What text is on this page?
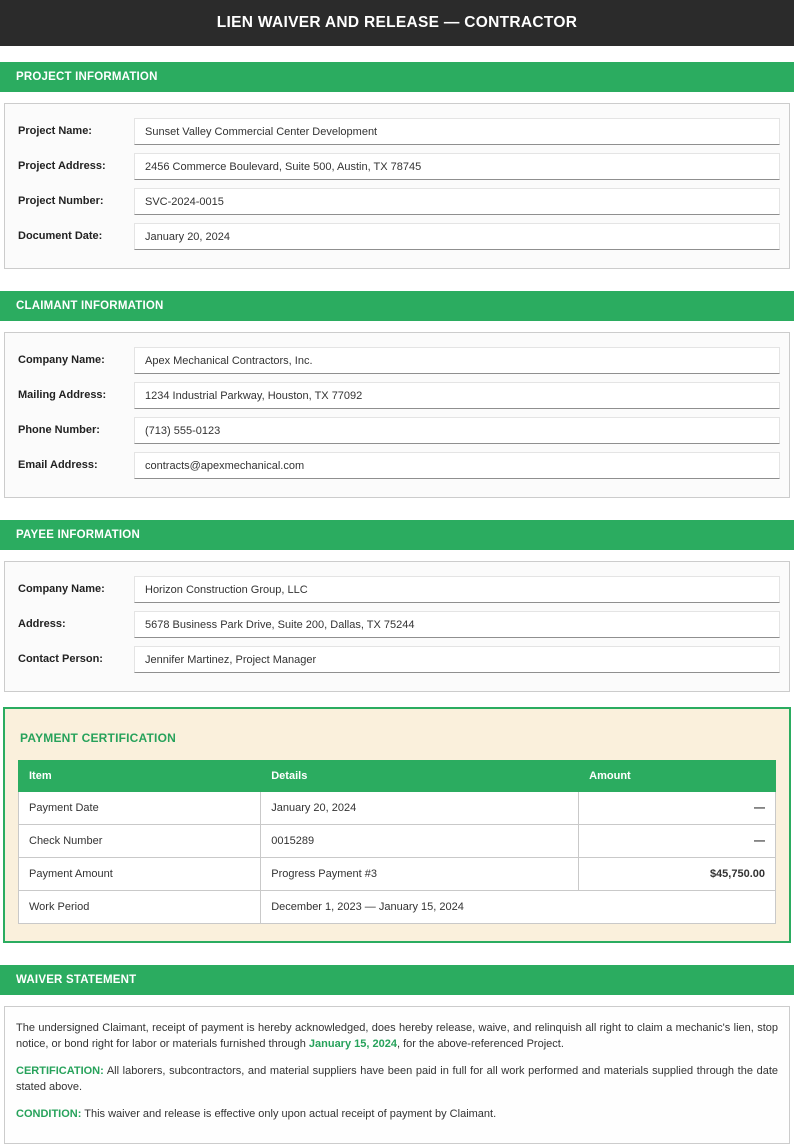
LIEN WAIVER AND RELEASE — CONTRACTOR
PROJECT INFORMATION
Project Name:	Sunset Valley Commercial Center Development
Project Address:	2456 Commerce Boulevard, Suite 500, Austin, TX 78745
Project Number:	SVC-2024-0015
Document Date:	January 20, 2024
CLAIMANT INFORMATION
Company Name:	Apex Mechanical Contractors, Inc.
Mailing Address:	1234 Industrial Parkway, Houston, TX 77092
Phone Number:	(713) 555-0123
Email Address:	contracts@apexmechanical.com
PAYEE INFORMATION
Company Name:	Horizon Construction Group, LLC
Address:	5678 Business Park Drive, Suite 200, Dallas, TX 75244
Contact Person:	Jennifer Martinez, Project Manager
PAYMENT CERTIFICATION
Item	Details	Amount
Payment Date	January 20, 2024	—
Check Number	0015289	—
Payment Amount	Progress Payment #3	$45,750.00
Work Period	December 1, 2023 — January 15, 2024	
WAIVER STATEMENT

The undersigned Claimant, receipt of payment is hereby acknowledged, does hereby release, waive, and relinquish all right to claim a mechanic's lien, stop notice, or bond right for labor or materials furnished through January 15, 2024, for the above-referenced Project.

CERTIFICATION: All laborers, subcontractors, and material suppliers have been paid in full for all work performed and materials supplied through the date stated above.

CONDITION: This waiver and release is effective only upon actual receipt of payment by Claimant.
